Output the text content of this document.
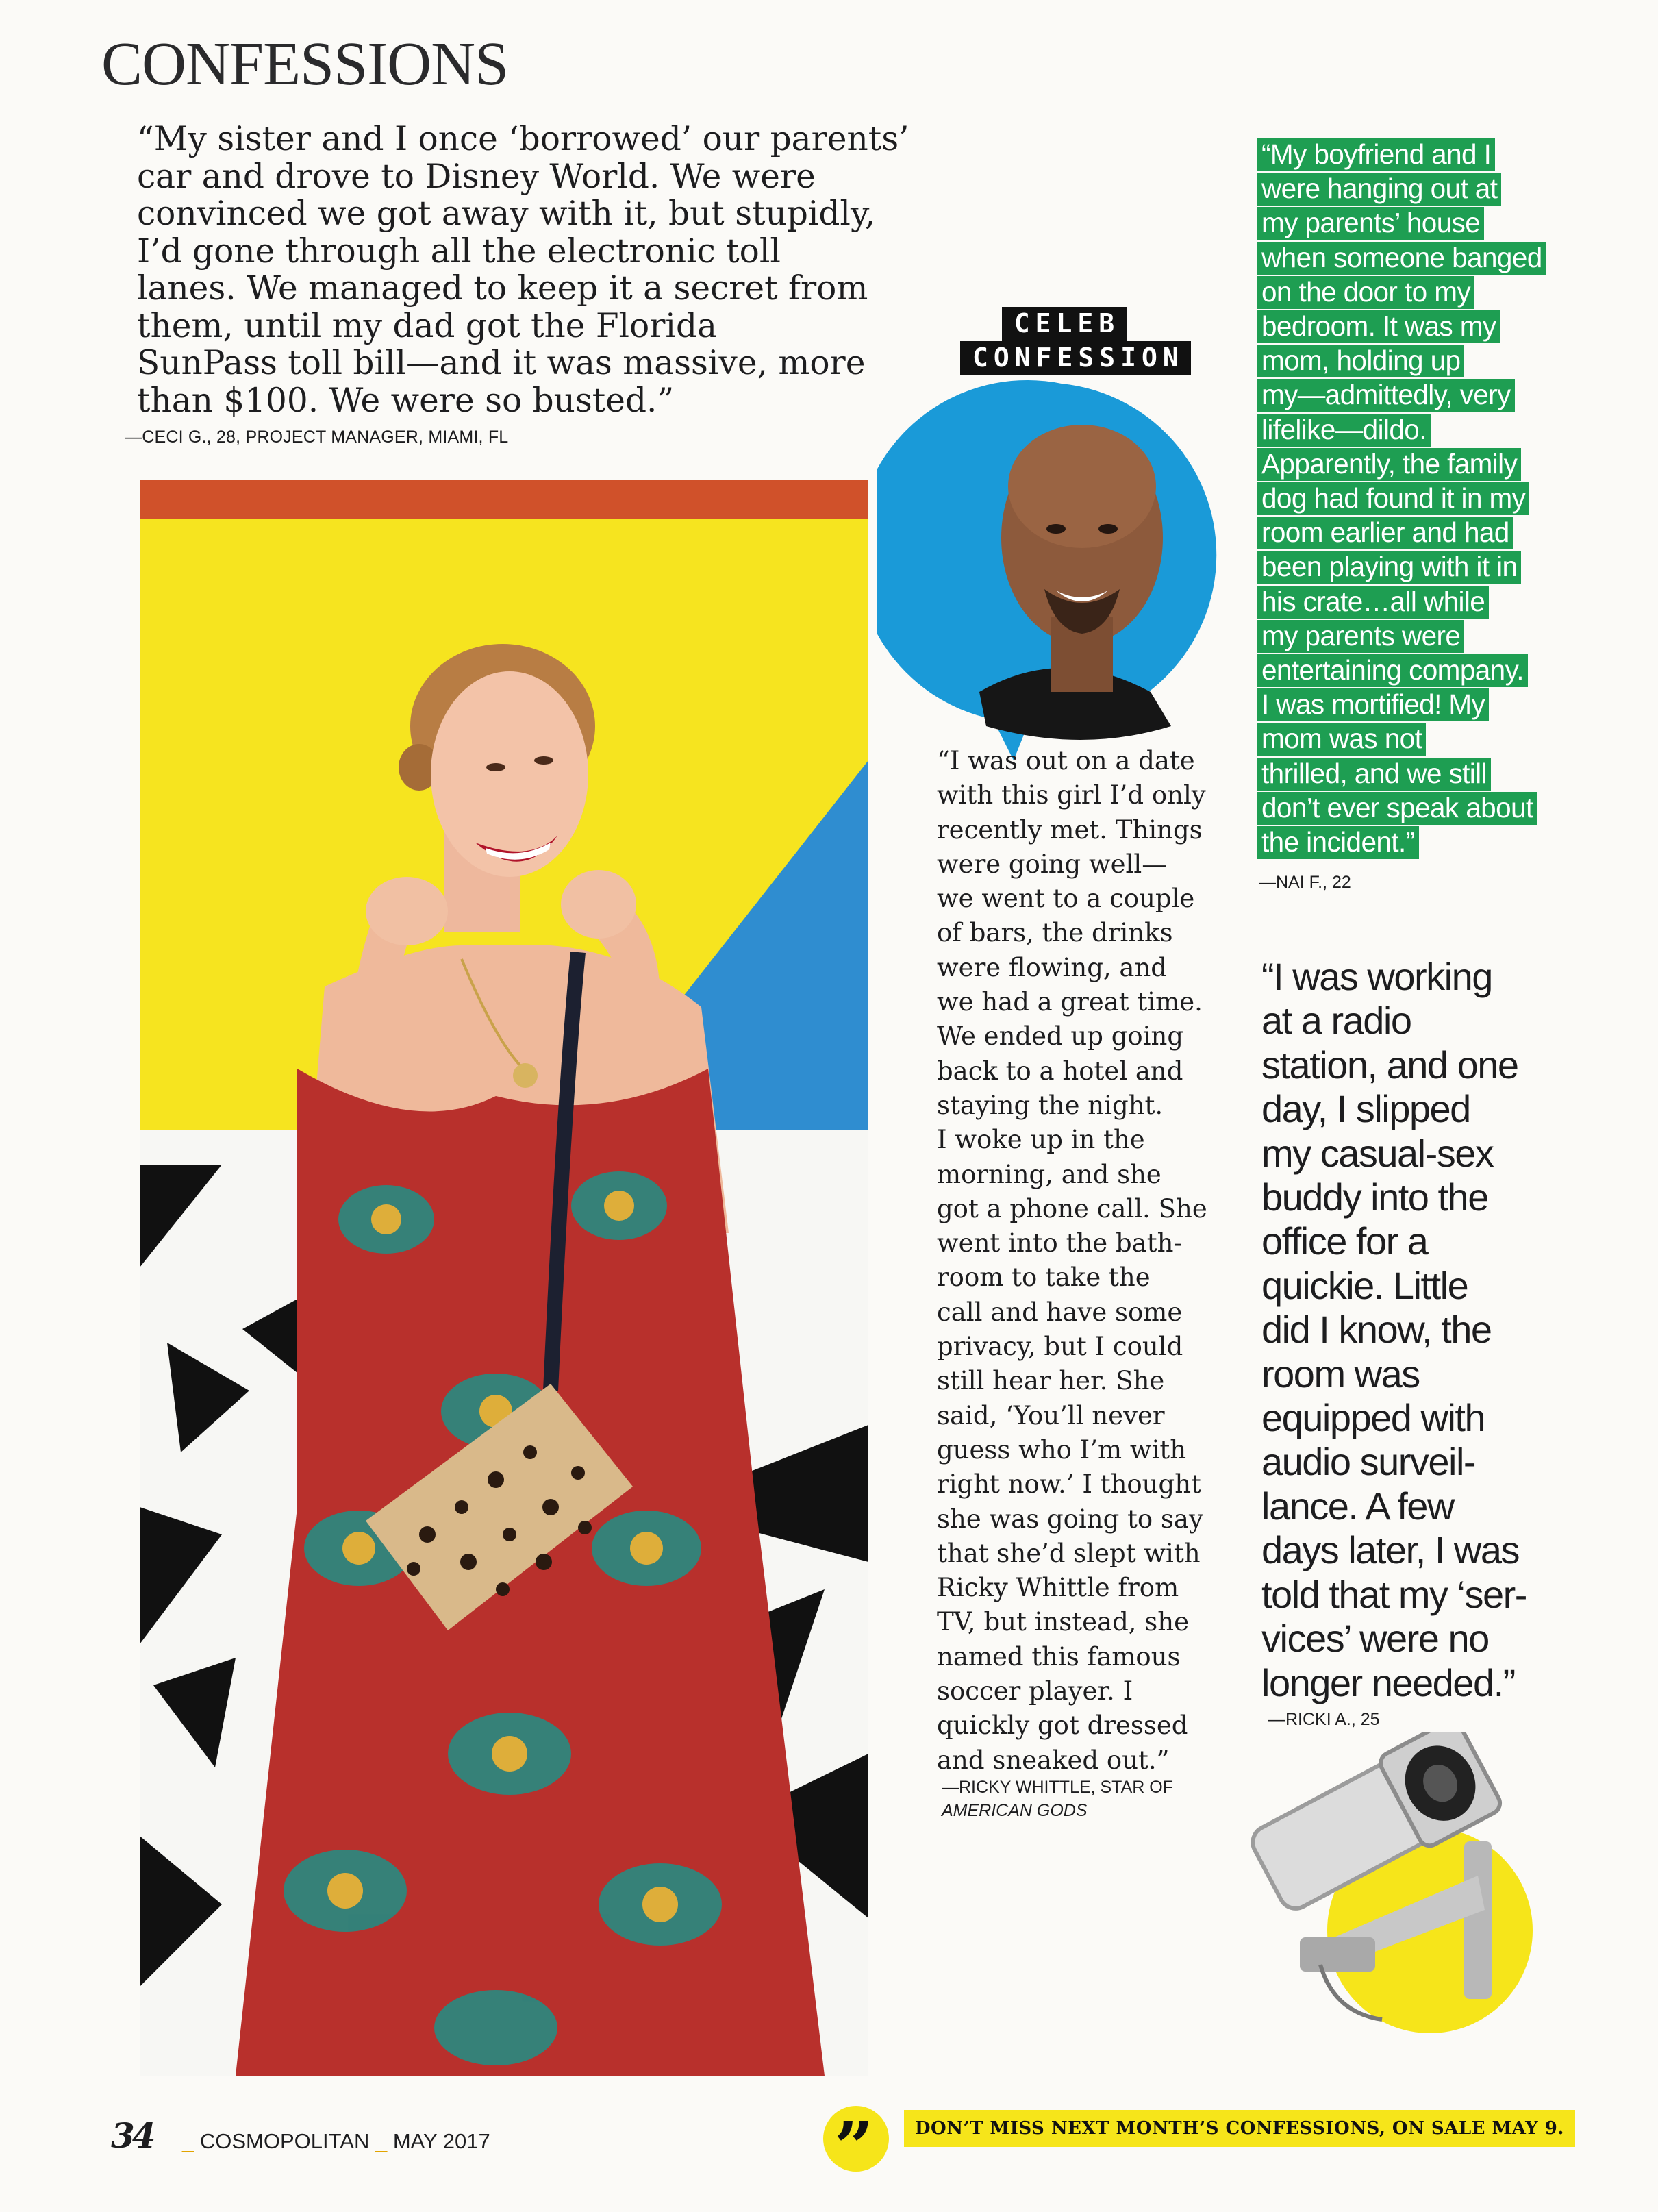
CONFESSIONS

“My sister and I once ‘borrowed’ our parents’

car and drove to Disney World. We were

convinced we got away with it, but stupidly,

I’d gone through all the electronic toll

lanes. We managed to keep it a secret from

them, until my dad got the Florida

SunPass toll bill—and it was massive, more

than $100. We were so busted.”

—CECI G., 28, PROJECT MANAGER, MIAMI, FL
CELEB
CONFESSION

“I was out on a date

with this girl I’d only

recently met. Things

were going well—

we went to a couple

of bars, the drinks

were flowing, and

we had a great time.

We ended up going

back to a hotel and

staying the night.

I woke up in the

morning, and she

got a phone call. She

went into the bath-

room to take the

call and have some

privacy, but I could

still hear her. She

said, ‘You’ll never

guess who I’m with

right now.’ I thought

she was going to say

that she’d slept with

Ricky Whittle from

TV, but instead, she

named this famous

soccer player. I

quickly got dressed

and sneaked out.”

—RICKY WHITTLE, STAR OF
AMERICAN GODS

“My boyfriend and I

were hanging out at

my parents’ house

when someone banged

on the door to my

bedroom. It was my

mom, holding up

my—admittedly, very

lifelike—dildo.

Apparently, the family

dog had found it in my

room earlier and had

been playing with it in

his crate…all while

my parents were

entertaining company.

I was mortified! My

mom was not

thrilled, and we still

don’t ever speak about

the incident.”

—NAI F., 22

“I was working

at a radio

station, and one

day, I slipped

my casual-sex

buddy into the

office for a

quickie. Little

did I know, the

room was

equipped with

audio surveil-

lance. A few

days later, I was

told that my ‘ser-

vices’ were no

longer needed.”

—RICKI A., 25
34 _ COSMOPOLITAN _ MAY 2017	”	DON’T MISS NEXT MONTH’S CONFESSIONS, ON SALE MAY 9.
